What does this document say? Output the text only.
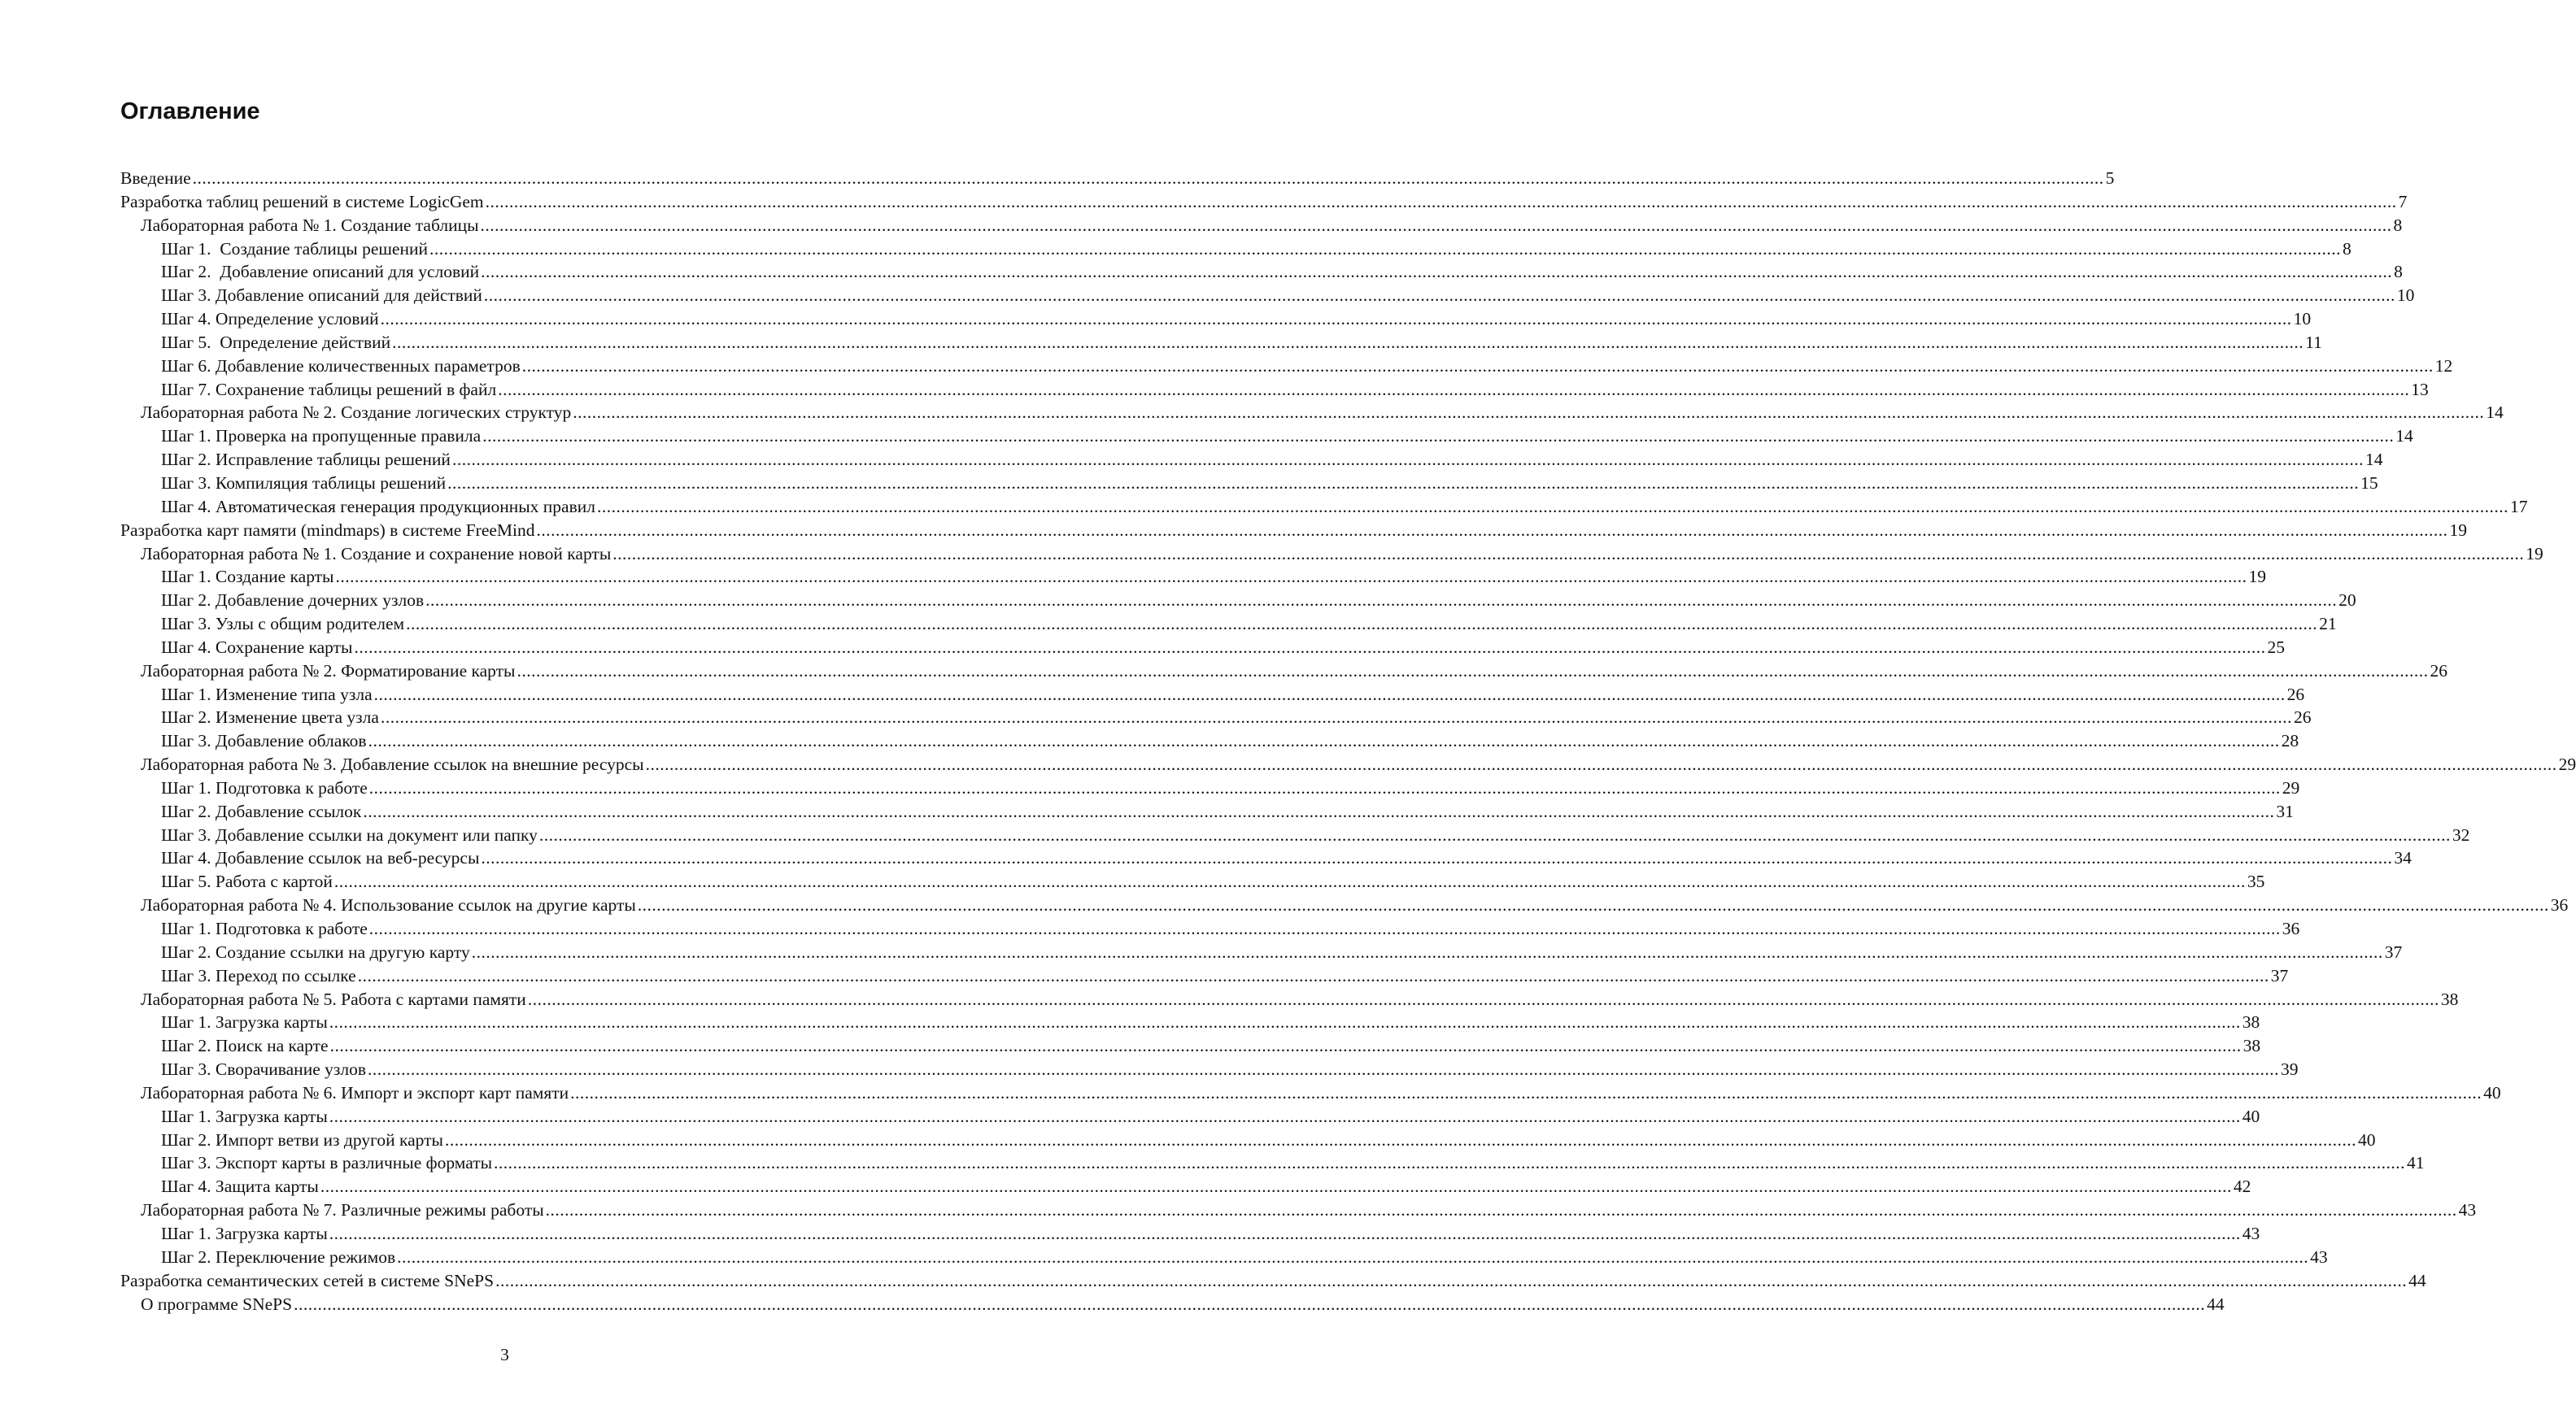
Оглавление
Введение ................................................................................................................................................................................................................................................................................................................................................................................................................ 5
Разработка таблиц решений в системе LogicGem ................................................................................................................................................................................................................................................................................................................................................................................................................ 7
Лабораторная работа № 1. Создание таблицы ................................................................................................................................................................................................................................................................................................................................................................................................................ 8
Шаг 1.  Создание таблицы решений ................................................................................................................................................................................................................................................................................................................................................................................................................ 8
Шаг 2.  Добавление описаний для условий ................................................................................................................................................................................................................................................................................................................................................................................................................ 8
Шаг 3. Добавление описаний для действий ................................................................................................................................................................................................................................................................................................................................................................................................................ 10
Шаг 4. Определение условий ................................................................................................................................................................................................................................................................................................................................................................................................................ 10
Шаг 5.  Определение действий ................................................................................................................................................................................................................................................................................................................................................................................................................ 11
Шаг 6. Добавление количественных параметров ................................................................................................................................................................................................................................................................................................................................................................................................................ 12
Шаг 7. Сохранение таблицы решений в файл ................................................................................................................................................................................................................................................................................................................................................................................................................ 13
Лабораторная работа № 2. Создание логических структур ................................................................................................................................................................................................................................................................................................................................................................................................................ 14
Шаг 1. Проверка на пропущенные правила ................................................................................................................................................................................................................................................................................................................................................................................................................ 14
Шаг 2. Исправление таблицы решений ................................................................................................................................................................................................................................................................................................................................................................................................................ 14
Шаг 3. Компиляция таблицы решений ................................................................................................................................................................................................................................................................................................................................................................................................................ 15
Шаг 4. Автоматическая генерация продукционных правил ................................................................................................................................................................................................................................................................................................................................................................................................................ 17
Разработка карт памяти (mindmaps) в системе FreeMind ................................................................................................................................................................................................................................................................................................................................................................................................................ 19
Лабораторная работа № 1. Создание и сохранение новой карты ................................................................................................................................................................................................................................................................................................................................................................................................................ 19
Шаг 1. Создание карты ................................................................................................................................................................................................................................................................................................................................................................................................................ 19
Шаг 2. Добавление дочерних узлов ................................................................................................................................................................................................................................................................................................................................................................................................................ 20
Шаг 3. Узлы с общим родителем ................................................................................................................................................................................................................................................................................................................................................................................................................ 21
Шаг 4. Сохранение карты ................................................................................................................................................................................................................................................................................................................................................................................................................ 25
Лабораторная работа № 2. Форматирование карты ................................................................................................................................................................................................................................................................................................................................................................................................................ 26
Шаг 1. Изменение типа узла ................................................................................................................................................................................................................................................................................................................................................................................................................ 26
Шаг 2. Изменение цвета узла ................................................................................................................................................................................................................................................................................................................................................................................................................ 26
Шаг 3. Добавление облаков ................................................................................................................................................................................................................................................................................................................................................................................................................ 28
Лабораторная работа № 3. Добавление ссылок на внешние ресурсы ................................................................................................................................................................................................................................................................................................................................................................................................................ 29
Шаг 1. Подготовка к работе ................................................................................................................................................................................................................................................................................................................................................................................................................ 29
Шаг 2. Добавление ссылок ................................................................................................................................................................................................................................................................................................................................................................................................................ 31
Шаг 3. Добавление ссылки на документ или папку ................................................................................................................................................................................................................................................................................................................................................................................................................ 32
Шаг 4. Добавление ссылок на веб-ресурсы ................................................................................................................................................................................................................................................................................................................................................................................................................ 34
Шаг 5. Работа с картой ................................................................................................................................................................................................................................................................................................................................................................................................................ 35
Лабораторная работа № 4. Использование ссылок на другие карты ................................................................................................................................................................................................................................................................................................................................................................................................................ 36
Шаг 1. Подготовка к работе ................................................................................................................................................................................................................................................................................................................................................................................................................ 36
Шаг 2. Создание ссылки на другую карту ................................................................................................................................................................................................................................................................................................................................................................................................................ 37
Шаг 3. Переход по ссылке ................................................................................................................................................................................................................................................................................................................................................................................................................ 37
Лабораторная работа № 5. Работа с картами памяти ................................................................................................................................................................................................................................................................................................................................................................................................................ 38
Шаг 1. Загрузка карты ................................................................................................................................................................................................................................................................................................................................................................................................................ 38
Шаг 2. Поиск на карте ................................................................................................................................................................................................................................................................................................................................................................................................................ 38
Шаг 3. Сворачивание узлов ................................................................................................................................................................................................................................................................................................................................................................................................................ 39
Лабораторная работа № 6. Импорт и экспорт карт памяти ................................................................................................................................................................................................................................................................................................................................................................................................................ 40
Шаг 1. Загрузка карты ................................................................................................................................................................................................................................................................................................................................................................................................................ 40
Шаг 2. Импорт ветви из другой карты ................................................................................................................................................................................................................................................................................................................................................................................................................ 40
Шаг 3. Экспорт карты в различные форматы ................................................................................................................................................................................................................................................................................................................................................................................................................ 41
Шаг 4. Защита карты ................................................................................................................................................................................................................................................................................................................................................................................................................ 42
Лабораторная работа № 7. Различные режимы работы ................................................................................................................................................................................................................................................................................................................................................................................................................ 43
Шаг 1. Загрузка карты ................................................................................................................................................................................................................................................................................................................................................................................................................ 43
Шаг 2. Переключение режимов ................................................................................................................................................................................................................................................................................................................................................................................................................ 43
Разработка семантических сетей в системе SNePS ................................................................................................................................................................................................................................................................................................................................................................................................................ 44
О программе SNePS ................................................................................................................................................................................................................................................................................................................................................................................................................ 44
3
